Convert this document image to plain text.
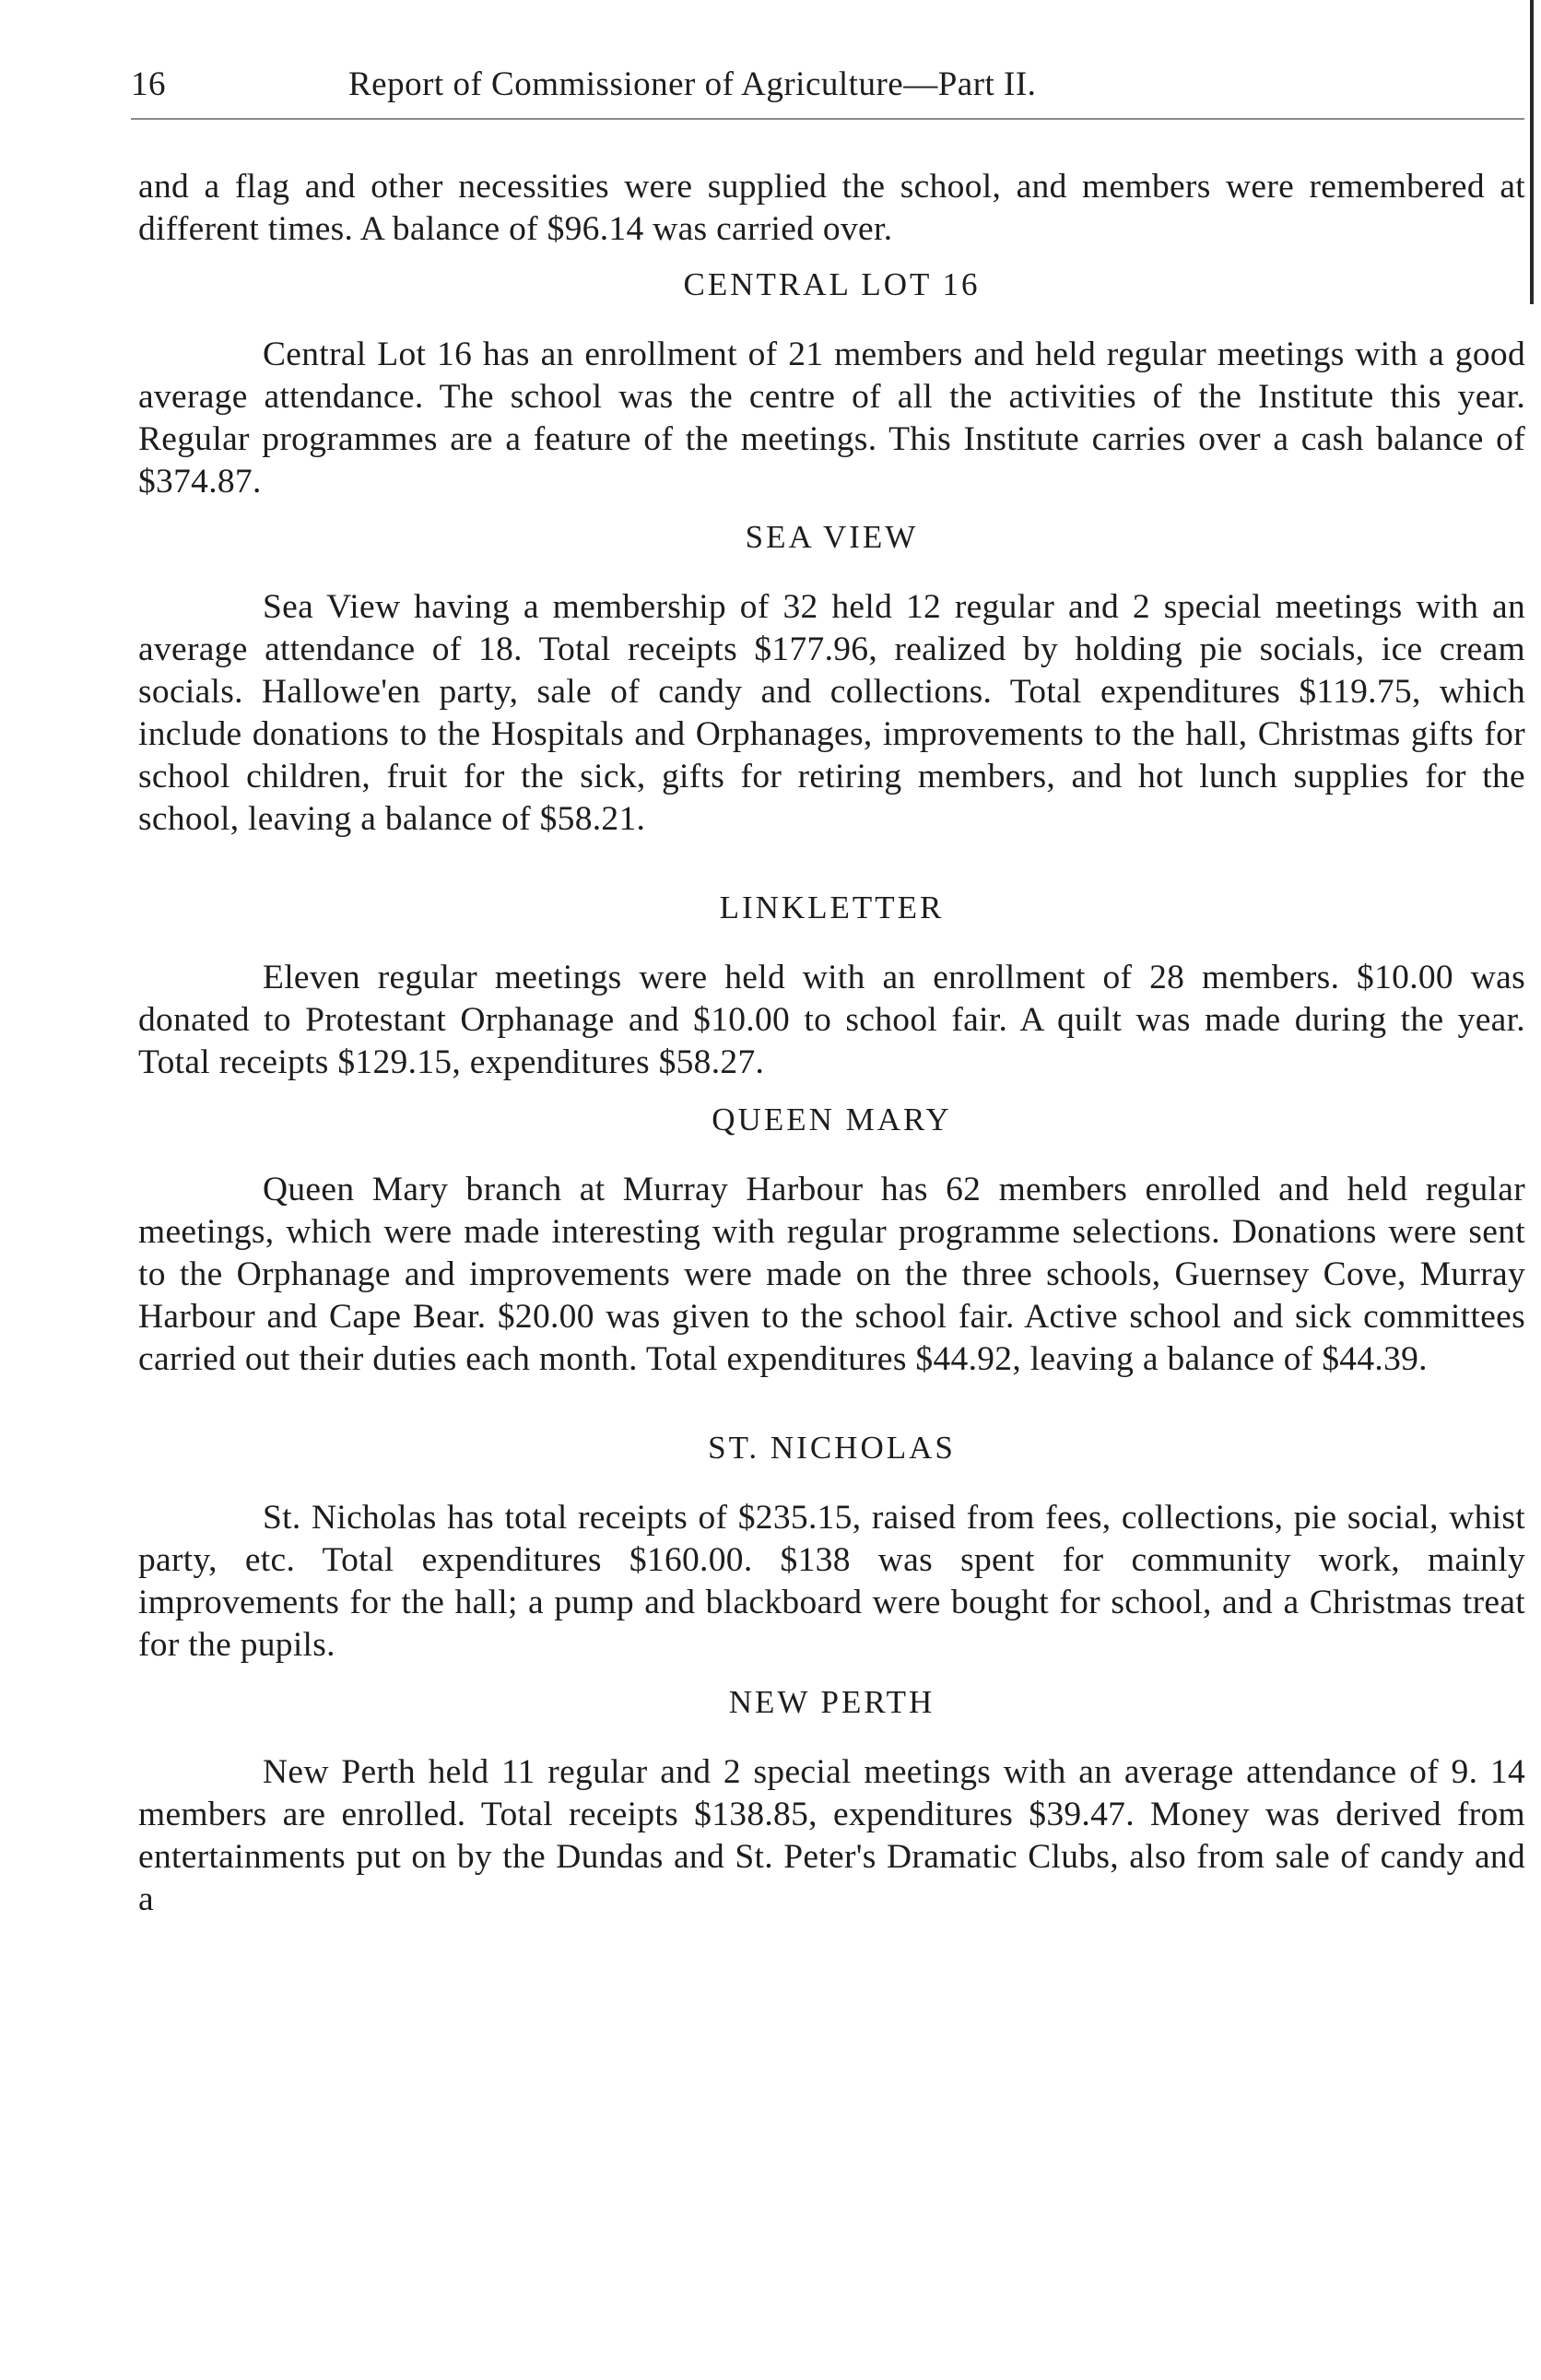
16	Report of Commissioner of Agriculture—Part II.

and a flag and other necessities were supplied the school, and members were remembered at different times. A balance of $96.14 was carried over.

CENTRAL LOT 16

Central Lot 16 has an enrollment of 21 members and held regular meetings with a good average attendance. The school was the centre of all the activities of the Institute this year. Regular programmes are a feature of the meetings. This Institute carries over a cash balance of $374.87.

SEA VIEW

Sea View having a membership of 32 held 12 regular and 2 special meetings with an average attendance of 18. Total receipts $177.96, realized by holding pie socials, ice cream socials. Hallowe'en party, sale of candy and collections. Total expenditures $119.75, which include donations to the Hospitals and Orphanages, improvements to the hall, Christmas gifts for school children, fruit for the sick, gifts for retiring members, and hot lunch supplies for the school, leaving a balance of $58.21.

LINKLETTER

Eleven regular meetings were held with an enrollment of 28 members. $10.00 was donated to Protestant Orphanage and $10.00 to school fair. A quilt was made during the year. Total receipts $129.15, expenditures $58.27.

QUEEN MARY

Queen Mary branch at Murray Harbour has 62 members enrolled and held regular meetings, which were made interesting with regular programme selections. Donations were sent to the Orphanage and improvements were made on the three schools, Guernsey Cove, Murray Harbour and Cape Bear. $20.00 was given to the school fair. Active school and sick committees carried out their duties each month. Total expenditures $44.92, leaving a balance of $44.39.

ST. NICHOLAS

St. Nicholas has total receipts of $235.15, raised from fees, collections, pie social, whist party, etc. Total expenditures $160.00. $138 was spent for community work, mainly improvements for the hall; a pump and blackboard were bought for school, and a Christmas treat for the pupils.

NEW PERTH

New Perth held 11 regular and 2 special meetings with an average attendance of 9. 14 members are enrolled. Total receipts $138.85, expenditures $39.47. Money was derived from entertainments put on by the Dundas and St. Peter's Dramatic Clubs, also from sale of candy and a
